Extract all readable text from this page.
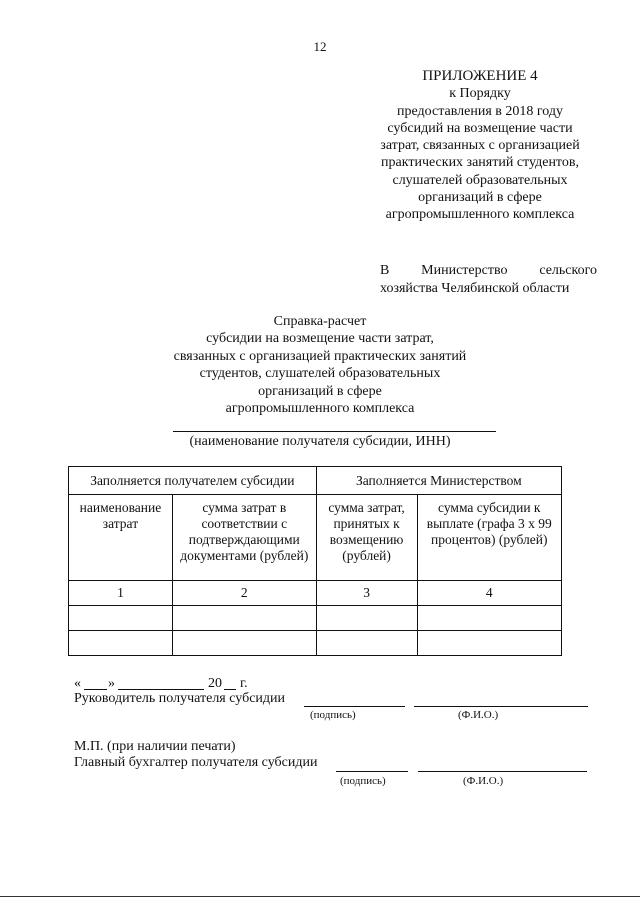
12
ПРИЛОЖЕНИЕ 4
к Порядку
предоставления в 2018 году
субсидий на возмещение части
затрат, связанных с организацией
практических занятий студентов,
слушателей образовательных
организаций в сфере
агропромышленного комплекса
В Министерство сельского
хозяйства Челябинской области
Справка-расчет
субсидии на возмещение части затрат,
связанных с организацией практических занятий
студентов, слушателей образовательных
организаций в сфере
агропромышленного комплекса
(наименование получателя субсидии, ИНН)
Заполняется получателем субсидии		Заполняется Министерством	
наименование затрат	сумма затрат в соответствии с подтверждающими документами (рублей)	сумма затрат, принятых к возмещению (рублей)	сумма субсидии к выплате (графа 3 х 99 процентов) (рублей)
1	2	3	4

« »	20 г.
Руководитель получателя субсидии
(подпись)	(Ф.И.О.)
М.П. (при наличии печати)
Главный бухгалтер получателя субсидии
(подпись)	(Ф.И.О.)
